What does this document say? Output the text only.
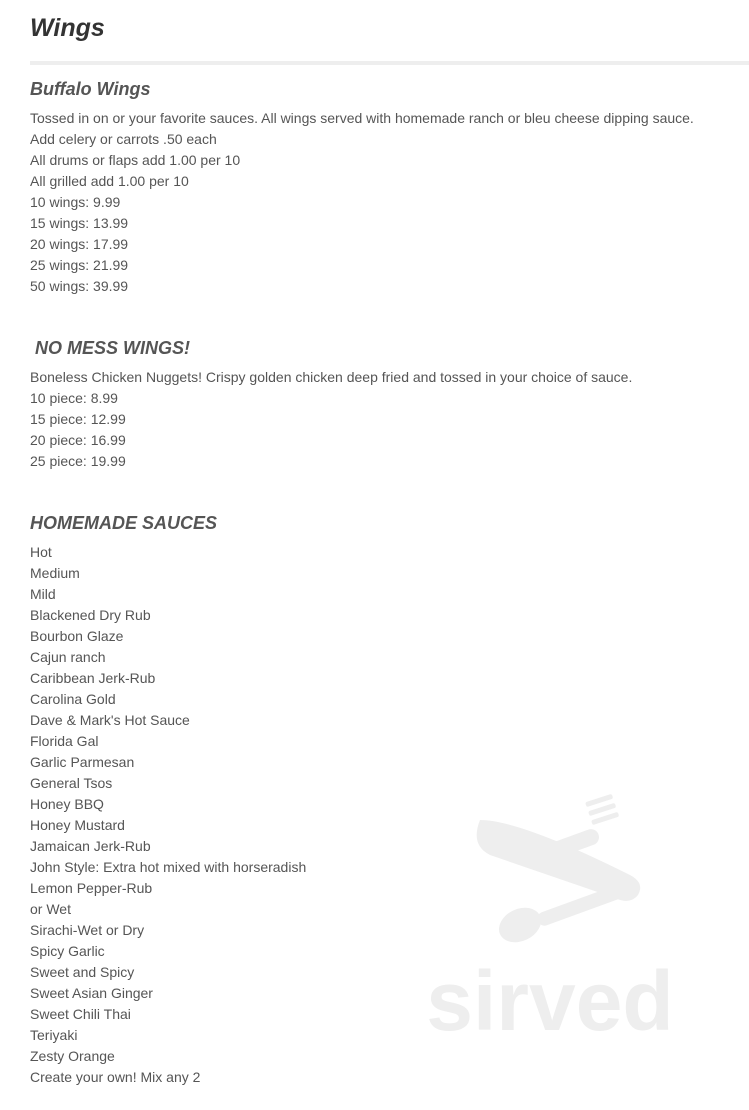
Wings
Buffalo Wings
Tossed in on or your favorite sauces. All wings served with homemade ranch or bleu cheese dipping sauce.
Add celery or carrots .50 each
All drums or flaps add 1.00 per 10
All grilled add 1.00 per 10
10 wings: 9.99
15 wings: 13.99
20 wings: 17.99
25 wings: 21.99
50 wings: 39.99
NO MESS WINGS!
Boneless Chicken Nuggets! Crispy golden chicken deep fried and tossed in your choice of sauce.
10 piece: 8.99
15 piece: 12.99
20 piece: 16.99
25 piece: 19.99
HOMEMADE SAUCES
Hot
Medium
Mild
Blackened Dry Rub
Bourbon Glaze
Cajun ranch
Caribbean Jerk-Rub
Carolina Gold
Dave & Mark's Hot Sauce
Florida Gal
Garlic Parmesan
General Tsos
Honey BBQ
Honey Mustard
Jamaican Jerk-Rub
John Style: Extra hot mixed with horseradish
Lemon Pepper-Rub
or Wet
Sirachi-Wet or Dry
Spicy Garlic
Sweet and Spicy
Sweet Asian Ginger
Sweet Chili Thai
Teriyaki
Zesty Orange
Create your own! Mix any 2
sirved
